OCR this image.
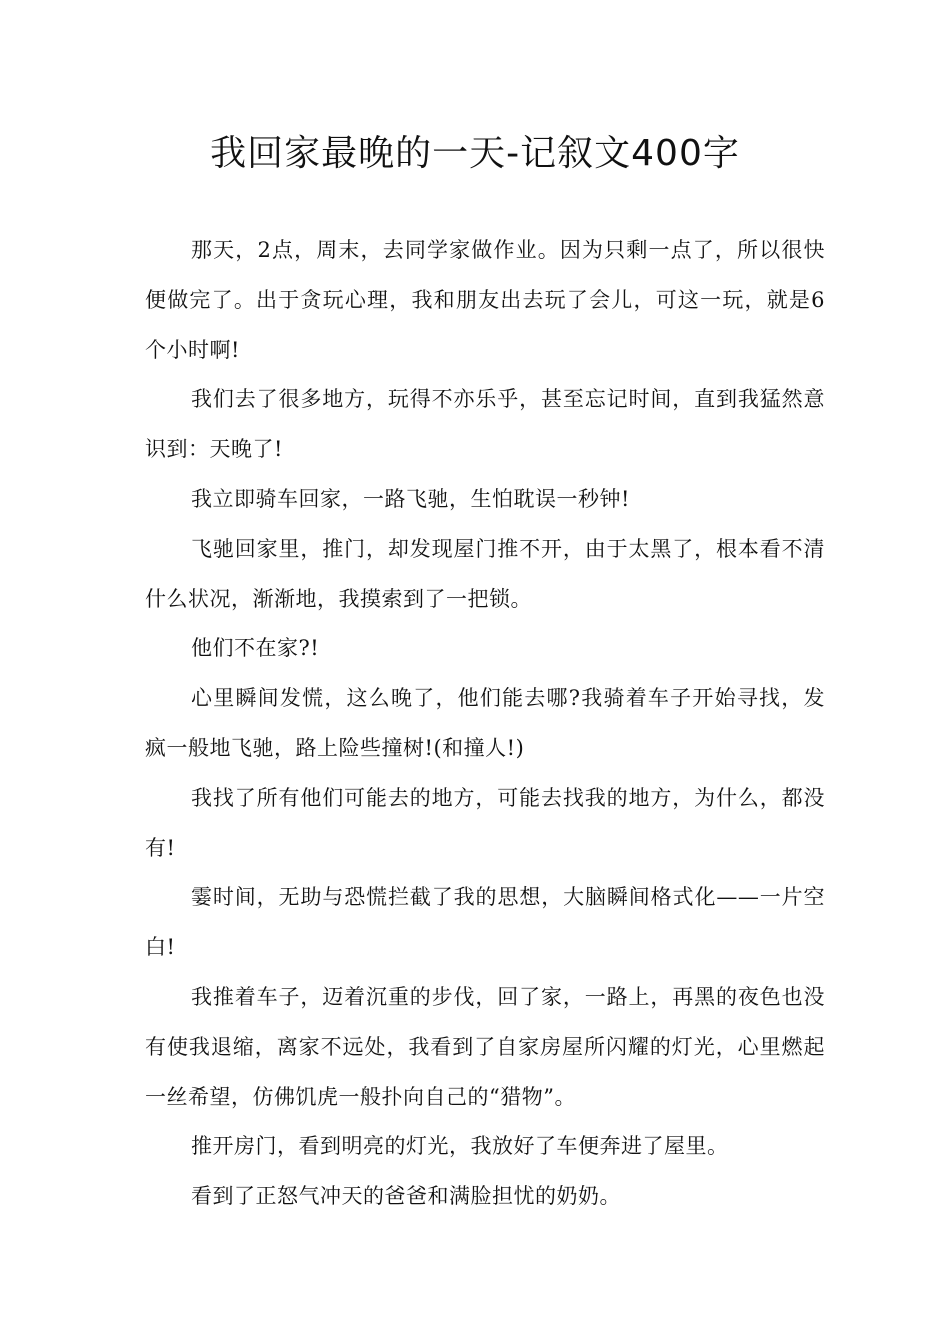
我回家最晚的一天-记叙文400字

那天，2点，周末，去同学家做作业。因为只剩一点了，所以很快便做完了。出于贪玩心理，我和朋友出去玩了会儿，可这一玩，就是6个小时啊!

我们去了很多地方，玩得不亦乐乎，甚至忘记时间，直到我猛然意识到：天晚了!

我立即骑车回家，一路飞驰，生怕耽误一秒钟!

飞驰回家里，推门，却发现屋门推不开，由于太黑了，根本看不清什么状况，渐渐地，我摸索到了一把锁。

他们不在家?!

心里瞬间发慌，这么晚了，他们能去哪?我骑着车子开始寻找，发疯一般地飞驰，路上险些撞树!(和撞人!)

我找了所有他们可能去的地方，可能去找我的地方，为什么，都没有!

霎时间，无助与恐慌拦截了我的思想，大脑瞬间格式化——一片空白!

我推着车子，迈着沉重的步伐，回了家，一路上，再黑的夜色也没有使我退缩，离家不远处，我看到了自家房屋所闪耀的灯光，心里燃起一丝希望，仿佛饥虎一般扑向自己的“猎物”。

推开房门，看到明亮的灯光，我放好了车便奔进了屋里。

看到了正怒气冲天的爸爸和满脸担忧的奶奶。
